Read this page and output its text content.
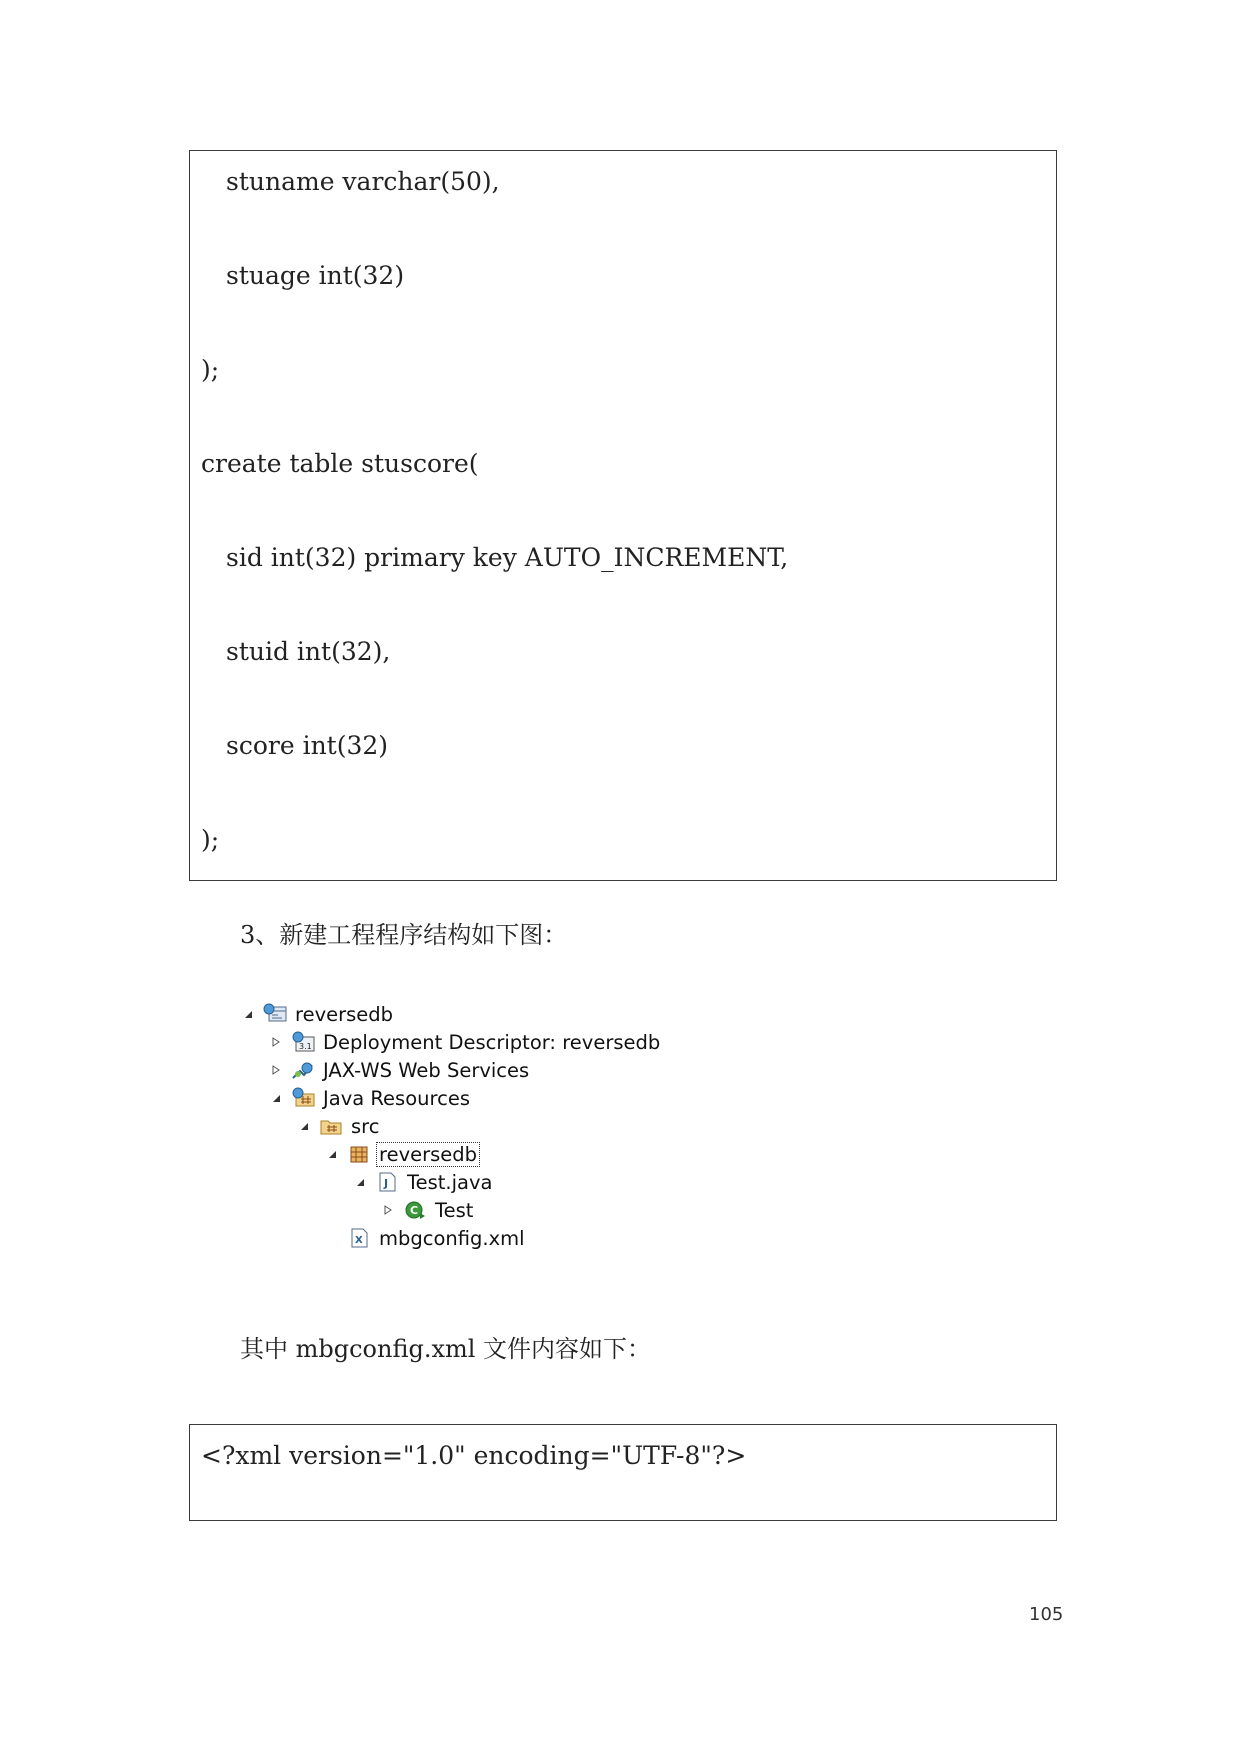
stuname varchar(50),
stuage int(32)
);
create table stuscore(
sid int(32) primary key AUTO_INCREMENT,
stuid int(32),
score int(32)
);
3、新建工程程序结构如下图：
reversedb
3.1 Deployment Descriptor: reversedb
JAX-WS Web Services
Java Resources
src
reversedb
J Test.java
C Test
X mbgconfig.xml
其中 mbgconfig.xml 文件内容如下：
<?xml version="1.0" encoding="UTF-8"?>
105
